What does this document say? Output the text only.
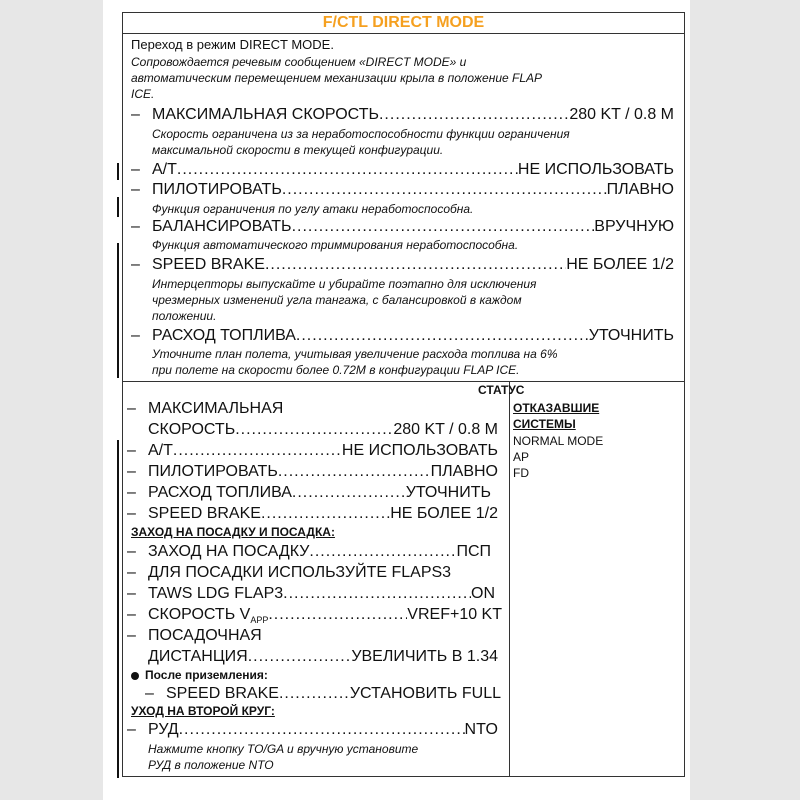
F/CTL DIRECT MODE
Переход в режим DIRECT MODE.
Сопровождается речевым сообщением «DIRECT MODE» и
автоматическим перемещением механизации крыла в положение FLAP
ICE.
– МАКСИМАЛЬНАЯ СКОРОСТЬ .....	280 KT / 0.8 M
Скорость ограничена из за неработоспособности функции ограничения
максимальной скорости в текущей конфигурации.
– A/T .....	НЕ ИСПОЛЬЗОВАТЬ
– ПИЛОТИРОВАТЬ .....	ПЛАВНО
Функция ограничения по углу атаки неработоспособна.
– БАЛАНСИРОВАТЬ .....	ВРУЧНУЮ
Функция автоматического триммирования неработоспособна.
– SPEED BRAKE .....	НЕ БОЛЕЕ 1/2
Интерцепторы выпускайте и убирайте поэтапно для исключения
чрезмерных изменений угла тангажа, с балансировкой в каждом
положении.
– РАСХОД ТОПЛИВА .....	УТОЧНИТЬ
Уточните план полета, учитывая увеличение расхода топлива на 6%
при полете на скорости более 0.72M в конфигурации FLAP ICE.
СТАТУС
– МАКСИМАЛЬНАЯ
СКОРОСТЬ .....	280 KT / 0.8 M
– A/T .....	НЕ ИСПОЛЬЗОВАТЬ
– ПИЛОТИРОВАТЬ .....	ПЛАВНО
– РАСХОД ТОПЛИВА .....	УТОЧНИТЬ
– SPEED BRAKE .....	НЕ БОЛЕЕ 1/2
ЗАХОД НА ПОСАДКУ И ПОСАДКА:
– ЗАХОД НА ПОСАДКУ .....	ПСП
– ДЛЯ ПОСАДКИ ИСПОЛЬЗУЙТЕ FLAPS3
– TAWS LDG FLAP3 .....	ON
– СКОРОСТЬ $V_{APP}$ .....	VREF+10 KT
– ПОСАДОЧНАЯ
ДИСТАНЦИЯ .....	УВЕЛИЧИТЬ В 1.34
После приземления:
– SPEED BRAKE .....	УСТАНОВИТЬ FULL
УХОД НА ВТОРОЙ КРУГ:
– РУД .....	NTO
Нажмите кнопку TO/GA и вручную установите
РУД в положение NTO
ОТКАЗАВШИЕ
СИСТЕМЫ
NORMAL MODE
AP
FD
